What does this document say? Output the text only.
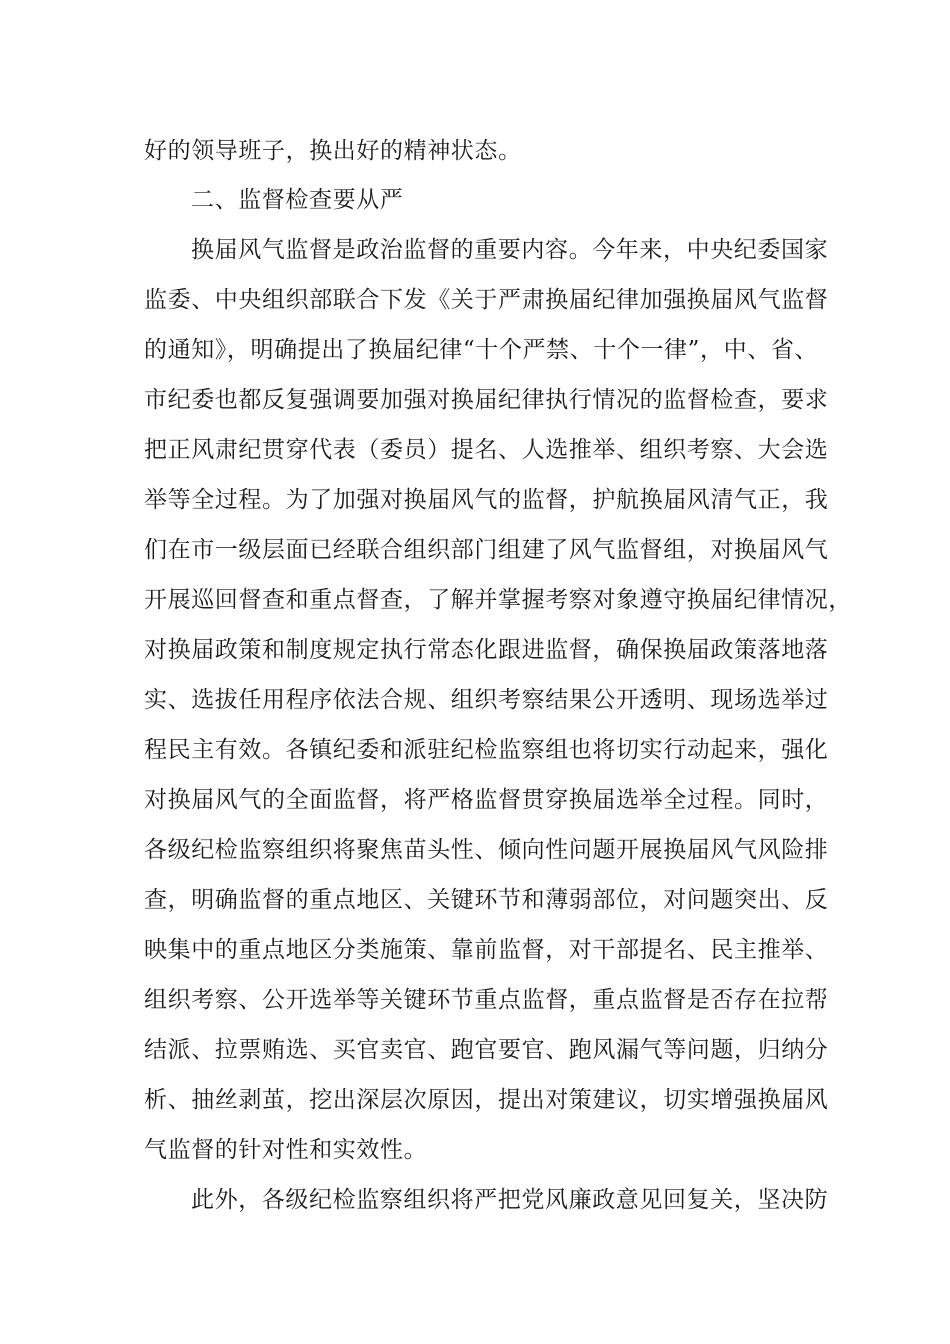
好的领导班子，换出好的精神状态。

二、监督检查要从严

换届风气监督是政治监督的重要内容。今年来，中央纪委国家

监委、中央组织部联合下发《关于严肃换届纪律加强换届风气监督

的通知》，明确提出了换届纪律“十个严禁、十个一律”，中、省、

市纪委也都反复强调要加强对换届纪律执行情况的监督检查，要求

把正风肃纪贯穿代表（委员）提名、人选推举、组织考察、大会选

举等全过程。为了加强对换届风气的监督，护航换届风清气正，我

们在市一级层面已经联合组织部门组建了风气监督组，对换届风气

开展巡回督查和重点督查，了解并掌握考察对象遵守换届纪律情况，

对换届政策和制度规定执行常态化跟进监督，确保换届政策落地落

实、选拔任用程序依法合规、组织考察结果公开透明、现场选举过

程民主有效。各镇纪委和派驻纪检监察组也将切实行动起来，强化

对换届风气的全面监督，将严格监督贯穿换届选举全过程。同时，

各级纪检监察组织将聚焦苗头性、倾向性问题开展换届风气风险排

查，明确监督的重点地区、关键环节和薄弱部位，对问题突出、反

映集中的重点地区分类施策、靠前监督，对干部提名、民主推举、

组织考察、公开选举等关键环节重点监督，重点监督是否存在拉帮

结派、拉票贿选、买官卖官、跑官要官、跑风漏气等问题，归纳分

析、抽丝剥茧，挖出深层次原因，提出对策建议，切实增强换届风

气监督的针对性和实效性。

此外，各级纪检监察组织将严把党风廉政意见回复关，坚决防
